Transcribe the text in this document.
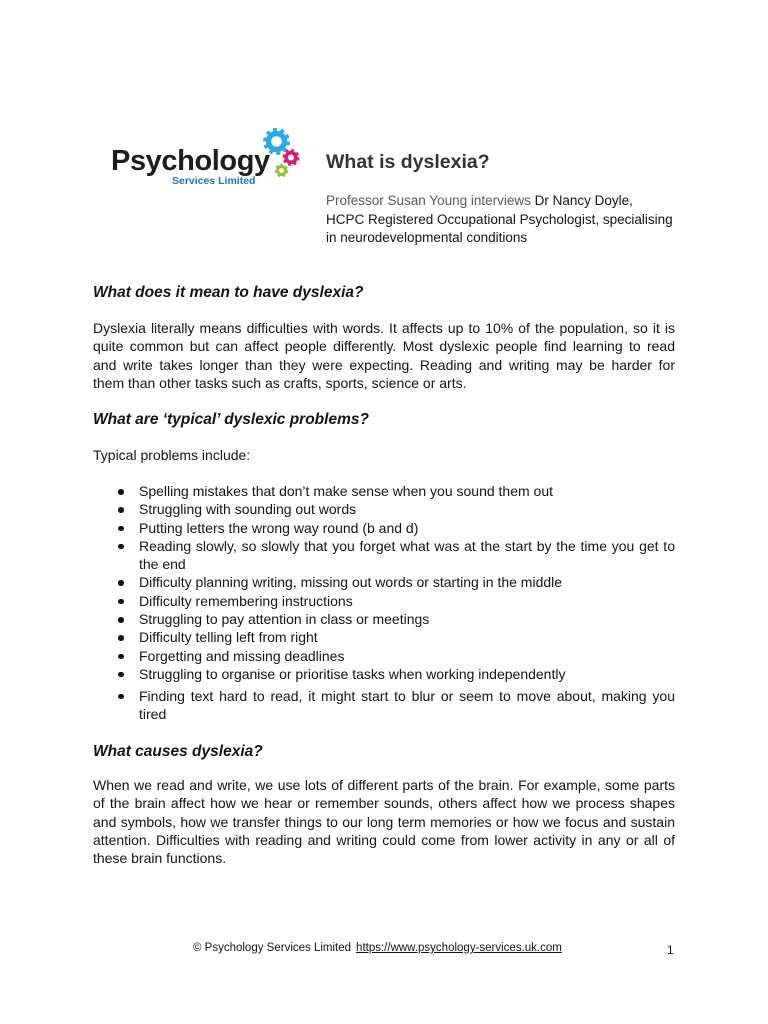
Psychology
Services Limited
What is dyslexia?
Professor Susan Young interviews Dr Nancy Doyle,
HCPC Registered Occupational Psychologist, specialising
in neurodevelopmental conditions
What does it mean to have dyslexia?
Dyslexia literally means difficulties with words. It affects up to 10% of the population, so it is
quite common but can affect people differently. Most dyslexic people find learning to read
and write takes longer than they were expecting. Reading and writing may be harder for
them than other tasks such as crafts, sports, science or arts.
What are ‘typical’ dyslexic problems?
Typical problems include:
Spelling mistakes that don’t make sense when you sound them out
Struggling with sounding out words
Putting letters the wrong way round (b and d)
Reading slowly, so slowly that you forget what was at the start by the time you get to
the end
Difficulty planning writing, missing out words or starting in the middle
Difficulty remembering instructions
Struggling to pay attention in class or meetings
Difficulty telling left from right
Forgetting and missing deadlines
Struggling to organise or prioritise tasks when working independently
Finding text hard to read, it might start to blur or seem to move about, making you
tired
What causes dyslexia?
When we read and write, we use lots of different parts of the brain. For example, some parts
of the brain affect how we hear or remember sounds, others affect how we process shapes
and symbols, how we transfer things to our long term memories or how we focus and sustain
attention. Difficulties with reading and writing could come from lower activity in any or all of
these brain functions.
© Psychology Services Limited https://www.psychology-services.uk.com	1
